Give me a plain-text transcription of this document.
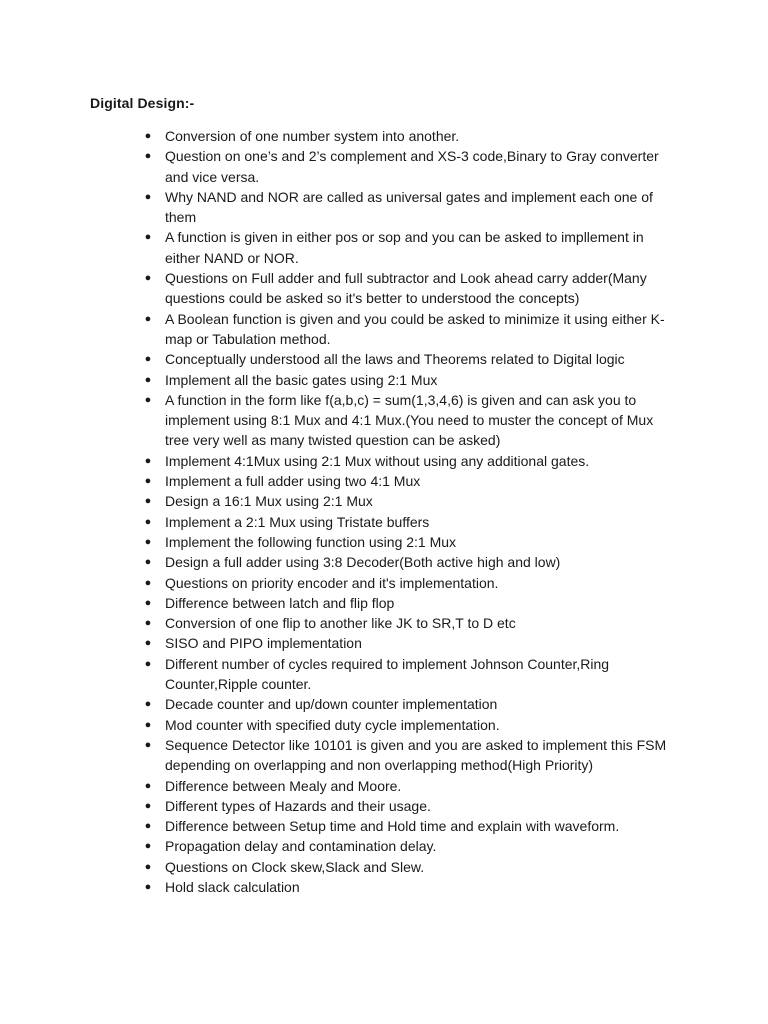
Digital Design:-
● Conversion of one number system into another.
● Question on one’s and 2’s complement and XS-3 code,Binary to Gray converter and vice versa.
● Why NAND and NOR are called as universal gates and implement each one of them
● A function is given in either pos or sop and you can be asked to impllement in either NAND or NOR.
● Questions on Full adder and full subtractor and Look ahead carry adder(Many questions could be asked so it's better to understood the concepts)
● A Boolean function is given and you could be asked to minimize it using either K-map or Tabulation method.
● Conceptually understood all the laws and Theorems related to Digital logic
● Implement all the basic gates using 2:1 Mux
● A function in the form like f(a,b,c) = sum(1,3,4,6) is given and can ask you to implement using 8:1 Mux and 4:1 Mux.(You need to muster the concept of Mux tree very well as many twisted question can be asked)
● Implement 4:1Mux using 2:1 Mux without using any additional gates.
● Implement a full adder using two 4:1 Mux
● Design a 16:1 Mux using 2:1 Mux
● Implement a 2:1 Mux using Tristate buffers
● Implement the following function using 2:1 Mux
● Design a full adder using 3:8 Decoder(Both active high and low)
● Questions on priority encoder and it's implementation.
● Difference between latch and flip flop
● Conversion of one flip to another like JK to SR,T to D etc
● SISO and PIPO implementation
● Different number of cycles required to implement Johnson Counter,Ring Counter,Ripple counter.
● Decade counter and up/down counter implementation
● Mod counter with specified duty cycle implementation.
● Sequence Detector like 10101 is given and you are asked to implement this FSM depending on overlapping and non overlapping method(High Priority)
● Difference between Mealy and Moore.
● Different types of Hazards and their usage.
● Difference between Setup time and Hold time and explain with waveform.
● Propagation delay and contamination delay.
● Questions on Clock skew,Slack and Slew.
● Hold slack calculation
